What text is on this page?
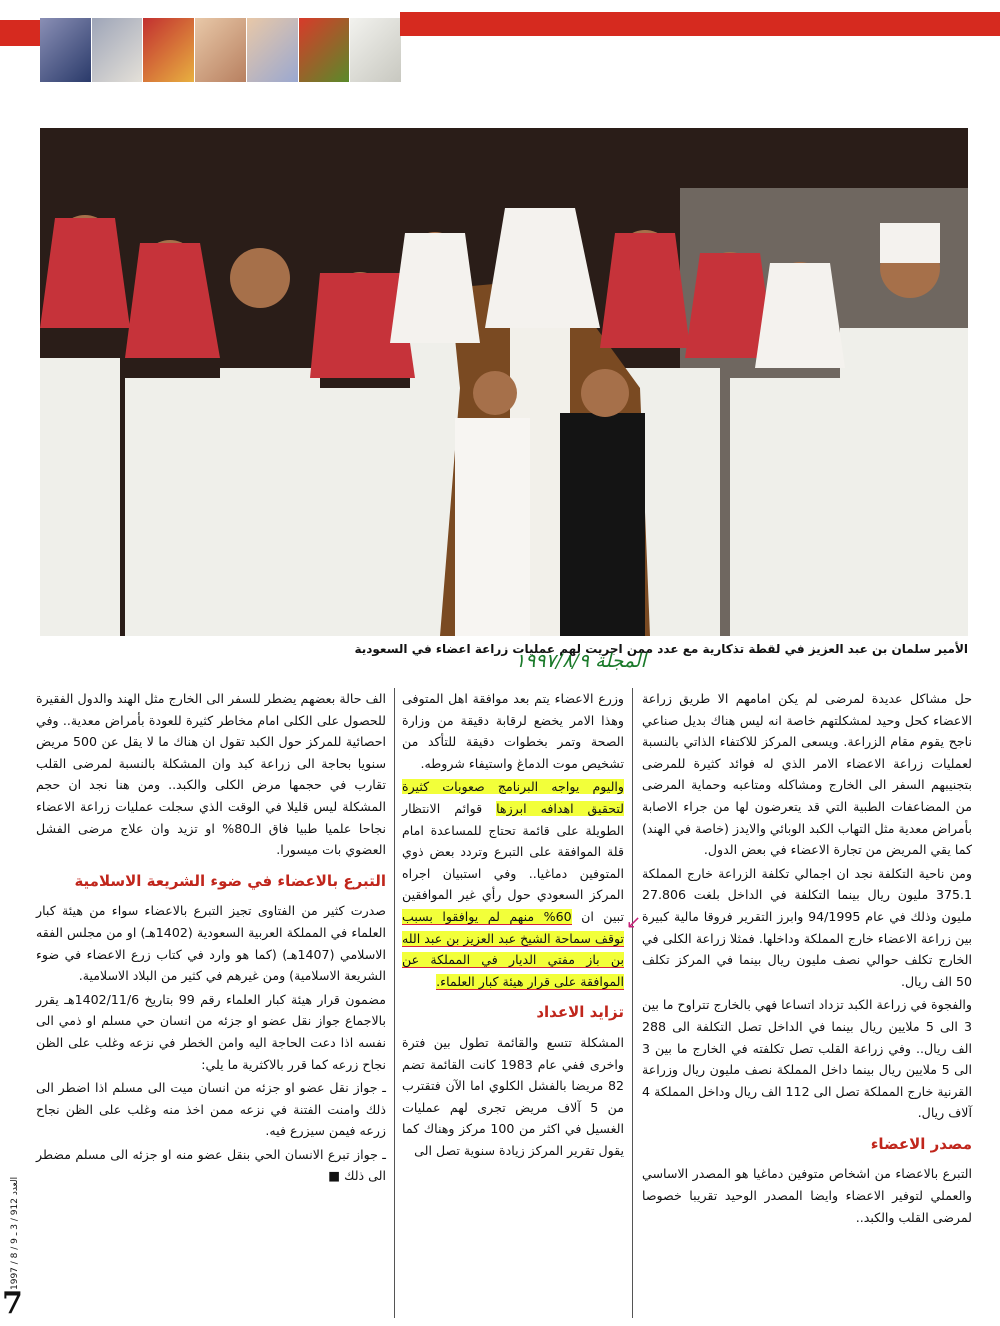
الأمير سلمان بن عبد العزيز في لقطة تذكارية مع عدد ممن اجريت لهم عمليات زراعة اعضاء في السعودية
المجلة ١٩٩٧/٨/٩

حل مشاكل عديدة لمرضى لم يكن امامهم الا طريق زراعة الاعضاء كحل وحيد لمشكلتهم خاصة انه ليس هناك بديل صناعي ناجح يقوم مقام الزراعة. ويسعى المركز للاكتفاء الذاتي بالنسبة لعمليات زراعة الاعضاء الامر الذي له فوائد كثيرة للمرضى بتجنيبهم السفر الى الخارج ومشاكله ومتاعبه وحماية المرضى من المضاعفات الطبية التي قد يتعرضون لها من جراء الاصابة بأمراض معدية مثل التهاب الكبد الوبائي والايدز (خاصة في الهند) كما يقي المريض من تجارة الاعضاء في بعض الدول.

ومن ناحية التكلفة نجد ان اجمالي تكلفة الزراعة خارج المملكة 375.1 مليون ريال بينما التكلفة في الداخل بلغت 27.806 مليون وذلك في عام 94/1995 وابرز التقرير فروقا مالية كبيرة بين زراعة الاعضاء خارج المملكة وداخلها. فمثلا زراعة الكلى في الخارج تكلف حوالي نصف مليون ريال بينما في المركز تكلف 50 الف ريال.

والفجوة في زراعة الكبد تزداد اتساعا فهي بالخارج تتراوح ما بين 3 الى 5 ملايين ريال بينما في الداخل تصل التكلفة الى 288 الف ريال.. وفي زراعة القلب تصل تكلفته في الخارج ما بين 3 الى 5 ملايين ريال بينما داخل المملكة نصف مليون ريال وزراعة القرنية خارج المملكة تصل الى 112 الف ريال وداخل المملكة 4 آلاف ريال.

مصدر الاعضاء

التبرع بالاعضاء من اشخاص متوفين دماغيا هو المصدر الاساسي والعملي لتوفير الاعضاء وايضا المصدر الوحيد تقريبا خصوصا لمرضى القلب والكبد..

وزرع الاعضاء يتم بعد موافقة اهل المتوفى وهذا الامر يخضع لرقابة دقيقة من وزارة الصحة وتمر بخطوات دقيقة للتأكد من تشخيص موت الدماغ واستيفاء شروطه.

واليوم يواجه البرنامج صعوبات كثيرة لتحقيق اهدافه ابرزها قوائم الانتظار الطويلة على قائمة تحتاج للمساعدة امام قلة الموافقة على التبرع وتردد بعض ذوي المتوفين دماغيا.. وفي استبيان اجراه المركز السعودي حول رأي غير الموافقين تبين ان 60% منهم لم يوافقوا بسبب توقف سماحة الشيخ عبد العزيز بن عبد الله بن باز مفتي الديار في المملكة عن الموافقة على قرار هيئة كبار العلماء.

تزايد الاعداد

المشكلة تتسع والقائمة تطول بين فترة واخرى ففي عام 1983 كانت القائمة تضم 82 مريضا بالفشل الكلوي اما الآن فتقترب من 5 آلاف مريض تجرى لهم عمليات الغسيل في اكثر من 100 مركز وهناك كما يقول تقرير المركز زيادة سنوية تصل الى

↙

الف حالة بعضهم يضطر للسفر الى الخارج مثل الهند والدول الفقيرة للحصول على الكلى امام مخاطر كثيرة للعودة بأمراض معدية.. وفي احصائية للمركز حول الكبد تقول ان هناك ما لا يقل عن 500 مريض سنويا بحاجة الى زراعة كبد وان المشكلة بالنسبة لمرضى القلب تقارب في حجمها مرض الكلى والكبد.. ومن هنا نجد ان حجم المشكلة ليس قليلا في الوقت الذي سجلت عمليات زراعة الاعضاء نجاحا علميا طبيا فاق الـ80% او تزيد وان علاج مرضى الفشل العضوي بات ميسورا.

التبرع بالاعضاء في ضوء الشريعة الاسلامية

صدرت كثير من الفتاوى تجيز التبرع بالاعضاء سواء من هيئة كبار العلماء في المملكة العربية السعودية (1402هـ) او من مجلس الفقه الاسلامي (1407هـ) (كما هو وارد في كتاب زرع الاعضاء في ضوء الشريعة الاسلامية) ومن غيرهم في كثير من البلاد الاسلامية.

مضمون قرار هيئة كبار العلماء رقم 99 بتاريخ 1402/11/6هـ يقرر بالاجماع جواز نقل عضو او جزئه من انسان حي مسلم او ذمي الى نفسه اذا دعت الحاجة اليه وامن الخطر في نزعه وغلب على الظن نجاح زرعه كما قرر بالاكثرية ما يلي:

ـ جواز نقل عضو او جزئه من انسان ميت الى مسلم اذا اضطر الى ذلك وامنت الفتنة في نزعه ممن اخذ منه وغلب على الظن نجاح زرعه فيمن سيزرع فيه.

ـ جواز تبرع الانسان الحي بنقل عضو منه او جزئه الى مسلم مضطر الى ذلك ■

العدد 912 / 3 ـ 9 / 8 / 1997
7
